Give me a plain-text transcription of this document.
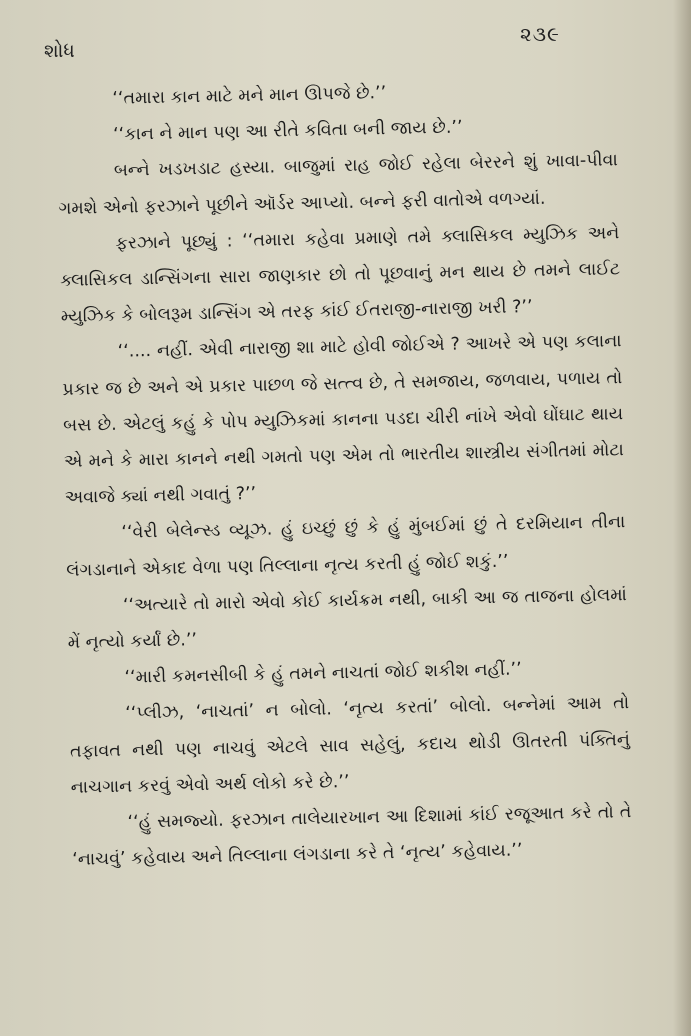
શોધ
૨૩૯

‘‘તમારા કાન માટે મને માન ઊપજે છે.’’

‘‘કાન ને માન પણ આ રીતે કવિતા બની જાય છે.’’

બન્ને ખડખડાટ હસ્યા. બાજુમાં રાહ જોઈ રહેલા બેરરને શું ખાવા-પીવા ગમશે એનો ફરઝાને પૂછીને ઑર્ડર આપ્યો. બન્ને ફરી વાતોએ વળગ્યાં.

ફરઝાને પૂછ્યું : ‘‘તમારા કહેવા પ્રમાણે તમે ક્લાસિકલ મ્યુઝિક અને ક્લાસિકલ ડાન્સિંગના સારા જાણકાર છો તો પૂછવાનું મન થાય છે તમને લાઈટ મ્યુઝિક કે બોલરૂમ ડાન્સિંગ એ તરફ કાંઈ ઈતરાજી-નારાજી ખરી ?’’

‘‘.... નહીં. એવી નારાજી શા માટે હોવી જોઈએ ? આખરે એ પણ કલાના પ્રકાર જ છે અને એ પ્રકાર પાછળ જે સત્ત્વ છે, તે સમજાય, જળવાય, પળાય તો બસ છે. એટલું કહું કે પોપ મ્યુઝિકમાં કાનના પડદા ચીરી નાંખે એવો ઘોંઘાટ થાય એ મને કે મારા કાનને નથી ગમતો પણ એમ તો ભારતીય શાસ્ત્રીય સંગીતમાં મોટા અવાજે ક્યાં નથી ગવાતું ?’’

‘‘વેરી બેલેન્સ્ડ વ્યૂઝ. હું ઇચ્છું છું કે હું મુંબઈમાં છું તે દરમિયાન તીના લંગડાનાને એકાદ વેળા પણ તિલ્લાના નૃત્ય કરતી હું જોઈ શકું.’’

‘‘અત્યારે તો મારો એવો કોઈ કાર્યક્રમ નથી, બાકી આ જ તાજના હોલમાં મેં નૃત્યો કર્યાં છે.’’

‘‘મારી કમનસીબી કે હું તમને નાચતાં જોઈ શકીશ નહીં.’’

‘‘પ્લીઝ, ‘નાચતાં’ ન બોલો. ‘નૃત્ય કરતાં’ બોલો. બન્નેમાં આમ તો તફાવત નથી પણ નાચવું એટલે સાવ સહેલું, કદાચ થોડી ઊતરતી પંક્તિનું નાચગાન કરવું એવો અર્થ લોકો કરે છે.’’

‘‘હું સમજ્યો. ફરઝાન તાલેયારખાન આ દિશામાં કાંઈ રજૂઆત કરે તો તે ‘નાચવું’ કહેવાય અને તિલ્લાના લંગડાના કરે તે ‘નૃત્ય’ કહેવાય.’’
